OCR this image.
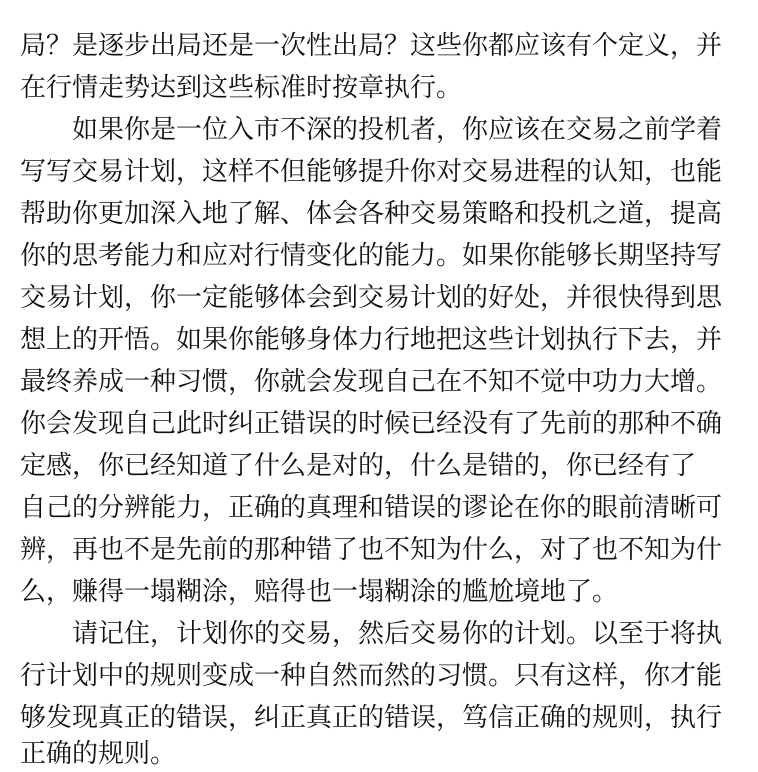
局？是逐步出局还是一次性出局？这些你都应该有个定义，并
在行情走势达到这些标准时按章执行。
如果你是一位入市不深的投机者，你应该在交易之前学着
写写交易计划，这样不但能够提升你对交易进程的认知，也能
帮助你更加深入地了解、体会各种交易策略和投机之道，提高
你的思考能力和应对行情变化的能力。如果你能够长期坚持写
交易计划，你一定能够体会到交易计划的好处，并很快得到思
想上的开悟。如果你能够身体力行地把这些计划执行下去，并
最终养成一种习惯，你就会发现自己在不知不觉中功力大增。
你会发现自己此时纠正错误的时候已经没有了先前的那种不确
定感，你已经知道了什么是对的，什么是错的，你已经有了
自己的分辨能力，正确的真理和错误的谬论在你的眼前清晰可
辨，再也不是先前的那种错了也不知为什么，对了也不知为什
么，赚得一塌糊涂，赔得也一塌糊涂的尴尬境地了。
请记住，计划你的交易，然后交易你的计划。以至于将执
行计划中的规则变成一种自然而然的习惯。只有这样，你才能
够发现真正的错误，纠正真正的错误，笃信正确的规则，执行
正确的规则。
